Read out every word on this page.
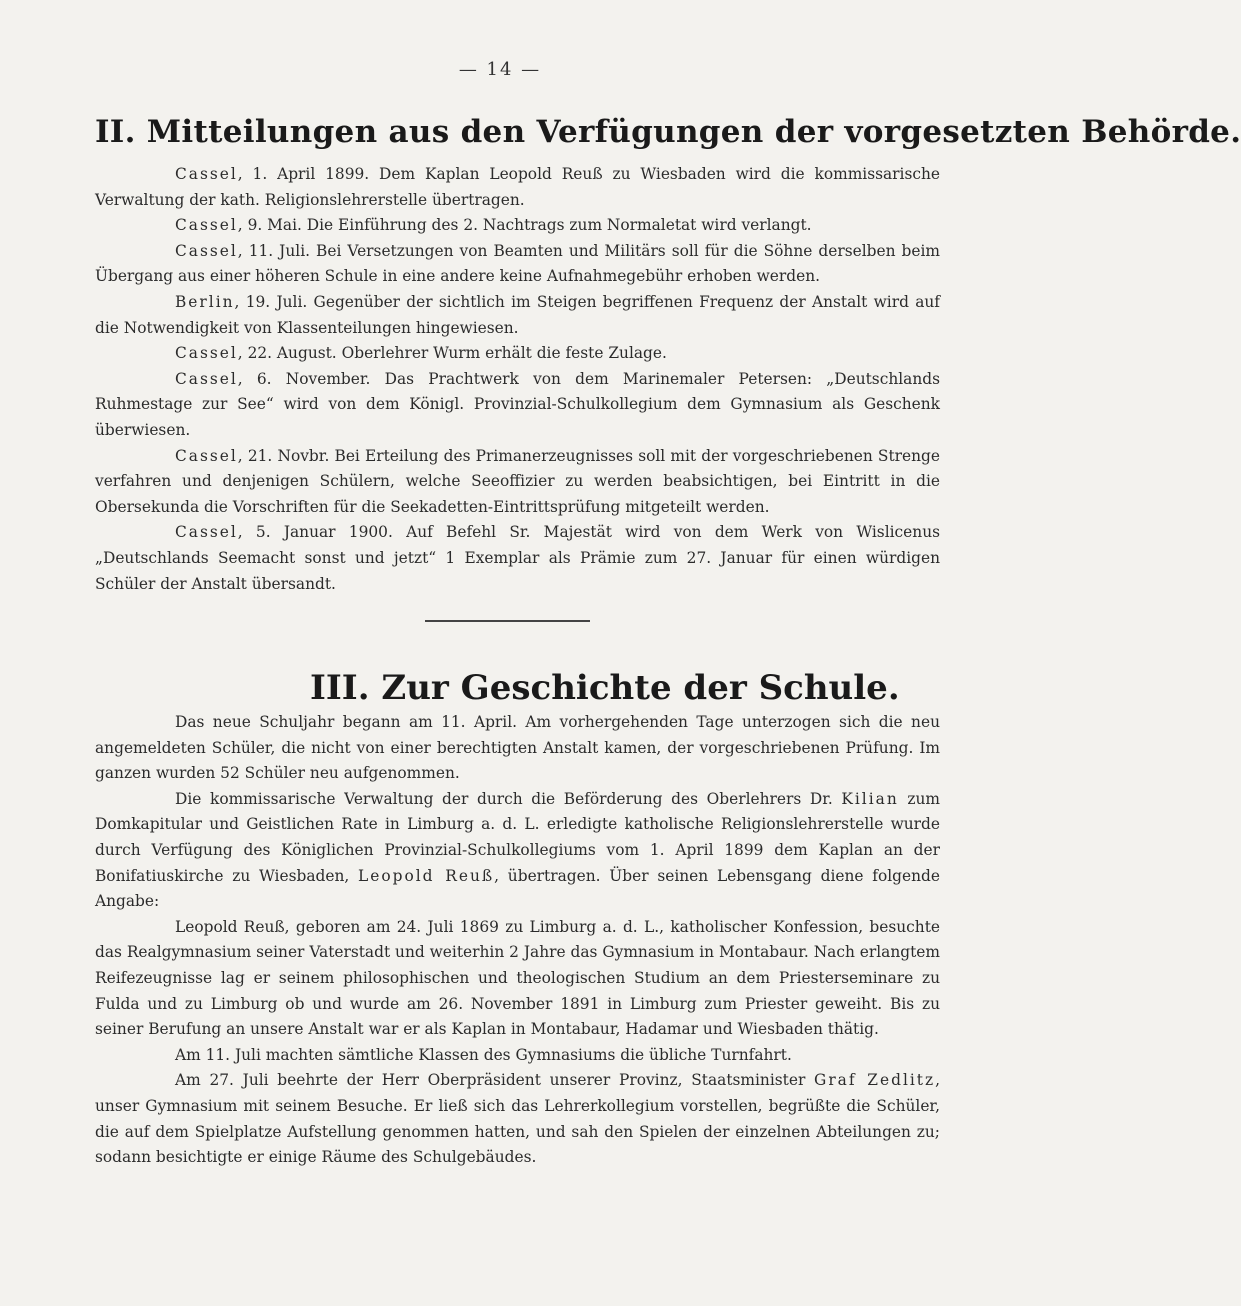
— 14 —
II. Mitteilungen aus den Verfügungen der vorgesetzten Behörde.

Cassel, 1. April 1899. Dem Kaplan Leopold Reuß zu Wiesbaden wird die kommissarische Verwaltung der kath. Religionslehrerstelle übertragen.

Cassel, 9. Mai. Die Einführung des 2. Nachtrags zum Normaletat wird verlangt.

Cassel, 11. Juli. Bei Versetzungen von Beamten und Militärs soll für die Söhne derselben beim Übergang aus einer höheren Schule in eine andere keine Aufnahmegebühr erhoben werden.

Berlin, 19. Juli. Gegenüber der sichtlich im Steigen begriffenen Frequenz der Anstalt wird auf die Notwendigkeit von Klassenteilungen hingewiesen.

Cassel, 22. August. Oberlehrer Wurm erhält die feste Zulage.

Cassel, 6. November. Das Prachtwerk von dem Marinemaler Petersen: „Deutschlands Ruhmestage zur See“ wird von dem Königl. Provinzial-Schulkollegium dem Gymnasium als Geschenk überwiesen.

Cassel, 21. Novbr. Bei Erteilung des Primanerzeugnisses soll mit der vorgeschriebenen Strenge verfahren und denjenigen Schülern, welche Seeoffizier zu werden beabsichtigen, bei Eintritt in die Obersekunda die Vorschriften für die Seekadetten-Eintrittsprüfung mitgeteilt werden.

Cassel, 5. Januar 1900. Auf Befehl Sr. Majestät wird von dem Werk von Wislicenus „Deutschlands Seemacht sonst und jetzt“ 1 Exemplar als Prämie zum 27. Januar für einen würdigen Schüler der Anstalt übersandt.

III. Zur Geschichte der Schule.

Das neue Schuljahr begann am 11. April. Am vorhergehenden Tage unterzogen sich die neu angemeldeten Schüler, die nicht von einer berechtigten Anstalt kamen, der vorgeschriebenen Prüfung. Im ganzen wurden 52 Schüler neu aufgenommen.

Die kommissarische Verwaltung der durch die Beförderung des Oberlehrers Dr. Kilian zum Domkapitular und Geistlichen Rate in Limburg a. d. L. erledigte katholische Religionslehrerstelle wurde durch Verfügung des Königlichen Provinzial-Schulkollegiums vom 1. April 1899 dem Kaplan an der Bonifatiuskirche zu Wiesbaden, Leopold Reuß, übertragen. Über seinen Lebensgang diene folgende Angabe:

Leopold Reuß, geboren am 24. Juli 1869 zu Limburg a. d. L., katholischer Konfession, besuchte das Realgymnasium seiner Vaterstadt und weiterhin 2 Jahre das Gymnasium in Montabaur. Nach erlangtem Reifezeugnisse lag er seinem philosophischen und theologischen Studium an dem Priesterseminare zu Fulda und zu Limburg ob und wurde am 26. November 1891 in Limburg zum Priester geweiht. Bis zu seiner Berufung an unsere Anstalt war er als Kaplan in Montabaur, Hadamar und Wiesbaden thätig.

Am 11. Juli machten sämtliche Klassen des Gymnasiums die übliche Turnfahrt.

Am 27. Juli beehrte der Herr Oberpräsident unserer Provinz, Staatsminister Graf Zedlitz, unser Gymnasium mit seinem Besuche. Er ließ sich das Lehrerkollegium vorstellen, begrüßte die Schüler, die auf dem Spielplatze Aufstellung genommen hatten, und sah den Spielen der einzelnen Abteilungen zu; sodann besichtigte er einige Räume des Schulgebäudes.
